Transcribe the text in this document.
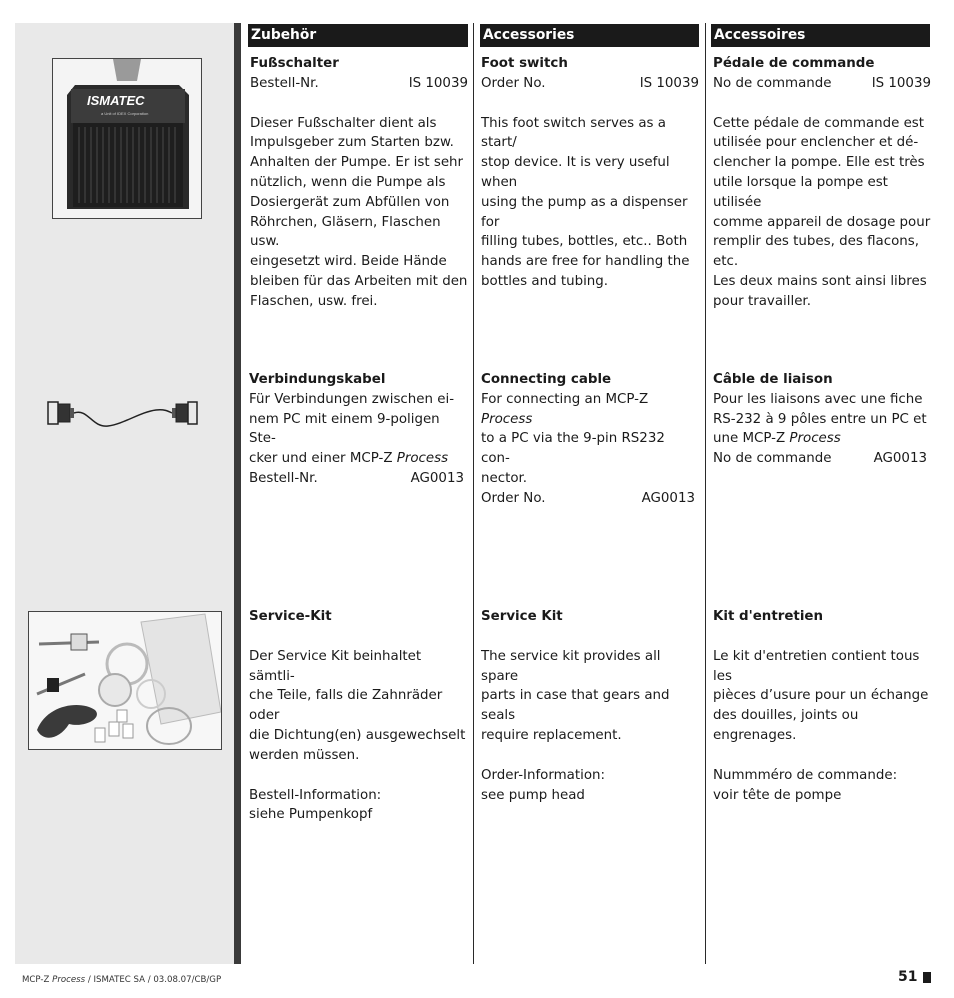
Zubehör	Accessories	Accessoires
ISMATEC
a Unit of IDEX Corporation
Fußschalter
Bestell-Nr.	IS 10039
Dieser Fußschalter dient als
Impulsgeber zum Starten bzw.
Anhalten der Pumpe. Er ist sehr
nützlich, wenn die Pumpe als
Dosiergerät zum Abfüllen von
Röhrchen, Gläsern, Flaschen usw.
eingesetzt wird. Beide Hände
bleiben für das Arbeiten mit den
Flaschen, usw. frei.
Foot switch
Order No.	IS 10039
This foot switch serves as a start/
stop device. It is very useful when
using the pump as a dispenser for
filling tubes, bottles, etc.. Both
hands are free for handling the
bottles and tubing.
Pédale de commande
No de commande	IS 10039
Cette pédale de commande est
utilisée pour enclencher et dé-
clencher la pompe. Elle est très
utile lorsque la pompe est utilisée
comme appareil de dosage pour
remplir des tubes, des flacons, etc.
Les deux mains sont ainsi libres
pour travailler.
Verbindungskabel
Für Verbindungen zwischen ei-
nem PC mit einem 9-poligen Ste-
cker und einer MCP-Z Process
Bestell-Nr.	AG0013
Connecting cable
For connecting an MCP-Z Process
to a PC via the 9-pin RS232 con-
nector.
Order No.	AG0013
Câble de liaison
Pour les liaisons avec une fiche
RS-232 à 9 pôles entre un PC et
une MCP-Z Process
No de commande	AG0013
Service-Kit
Der Service Kit beinhaltet sämtli-
che Teile, falls die Zahnräder oder
die Dichtung(en) ausgewechselt
werden müssen.
Bestell-Information:
siehe Pumpenkopf
Service Kit
The service kit provides all spare
parts in case that gears and seals
require replacement.
Order-Information:
see pump head
Kit d'entretien
Le kit d'entretien contient tous les
pièces d’usure pour un échange
des douilles, joints ou engrenages.
Nummméro de commande:
voir tête de pompe
MCP-Z Process / ISMATEC SA / 03.08.07/CB/GP	51
